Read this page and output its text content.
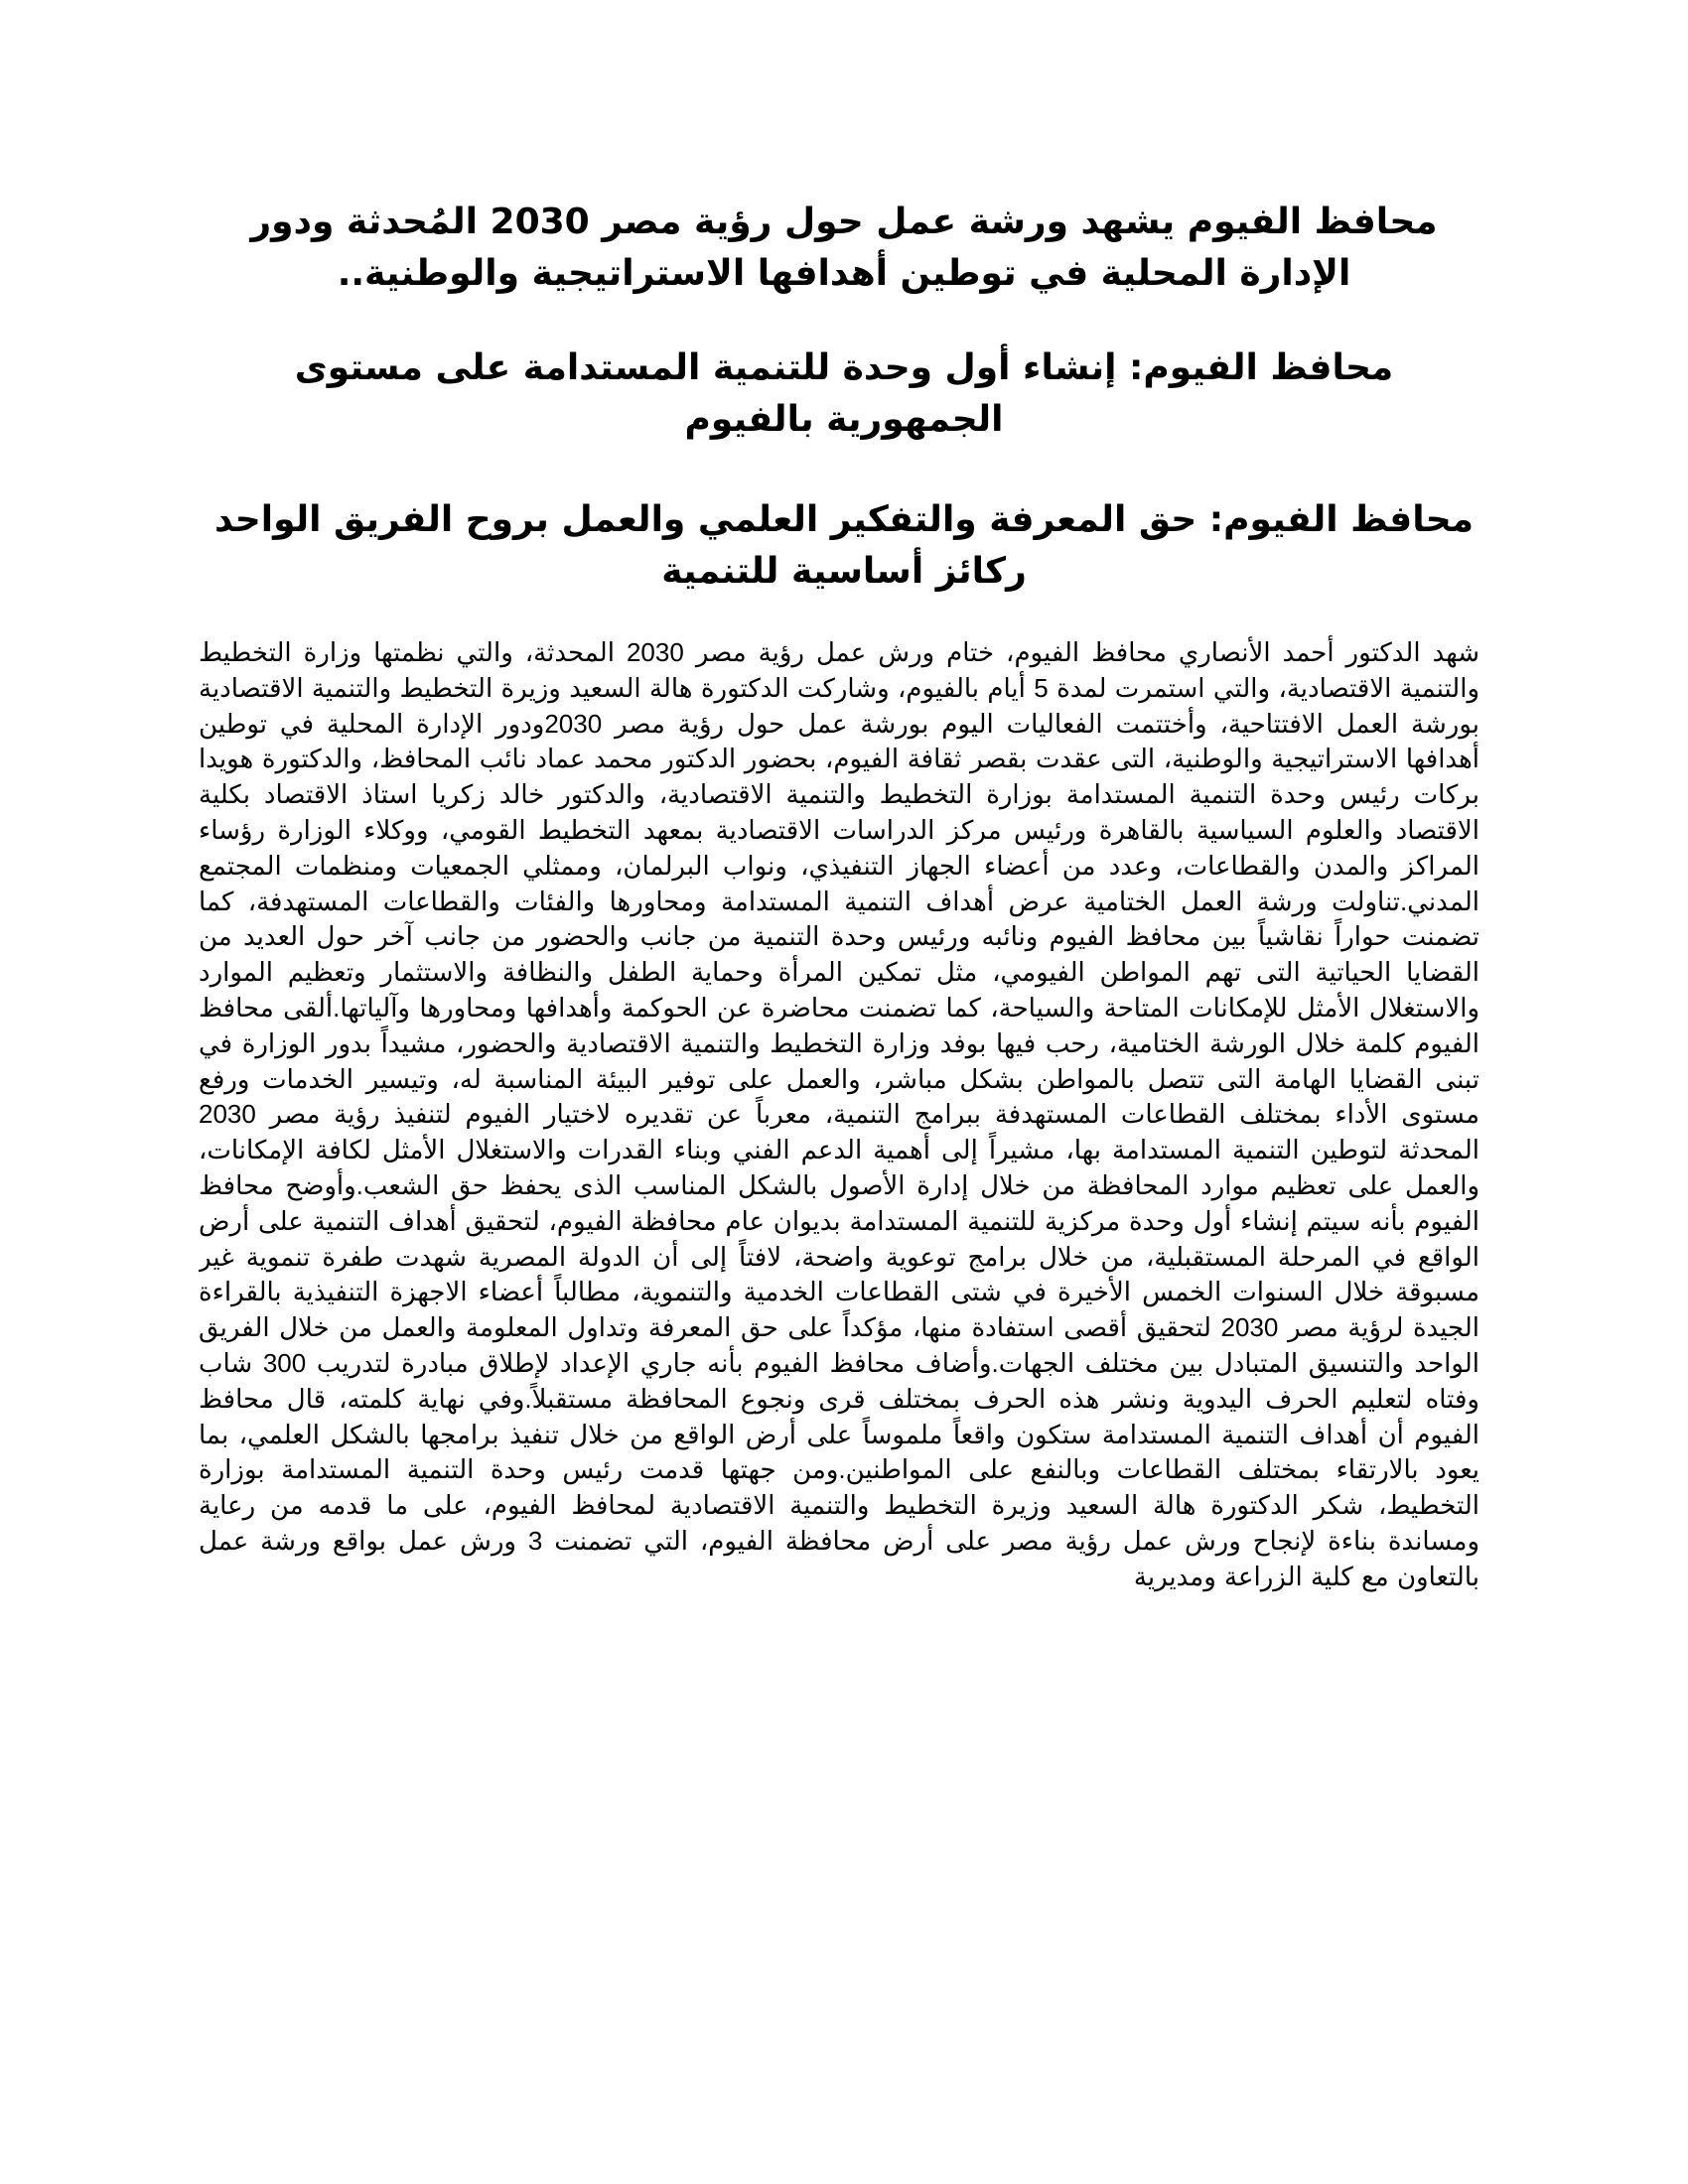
محافظ الفيوم يشهد ورشة عمل حول رؤية مصر 2030 المُحدثة ودور الإدارة المحلية في توطين أهدافها الاستراتيجية والوطنية..
محافظ الفيوم: إنشاء أول وحدة للتنمية المستدامة على مستوى الجمهورية بالفيوم
محافظ الفيوم: حق المعرفة والتفكير العلمي والعمل بروح الفريق الواحد ركائز أساسية للتنمية

شهد الدكتور أحمد الأنصاري محافظ الفيوم، ختام ورش عمل رؤية مصر 2030 المحدثة، والتي نظمتها وزارة التخطيط والتنمية الاقتصادية، والتي استمرت لمدة 5 أيام بالفيوم، وشاركت الدكتورة هالة السعيد وزيرة التخطيط والتنمية الاقتصادية بورشة العمل الافتتاحية، وأختتمت الفعاليات اليوم بورشة عمل حول رؤية مصر 2030ودور الإدارة المحلية في توطين أهدافها الاستراتيجية والوطنية، التى عقدت بقصر ثقافة الفيوم، بحضور الدكتور محمد عماد نائب المحافظ، والدكتورة هويدا بركات رئيس وحدة التنمية المستدامة بوزارة التخطيط والتنمية الاقتصادية، والدكتور خالد زكريا استاذ الاقتصاد بكلية الاقتصاد والعلوم السياسية بالقاهرة ورئيس مركز الدراسات الاقتصادية بمعهد التخطيط القومي، ووكلاء الوزارة رؤساء المراكز والمدن والقطاعات، وعدد من أعضاء الجهاز التنفيذي، ونواب البرلمان، وممثلي الجمعيات ومنظمات المجتمع المدني.تناولت ورشة العمل الختامية عرض أهداف التنمية المستدامة ومحاورها والفئات والقطاعات المستهدفة، كما تضمنت حواراً نقاشياً بين محافظ الفيوم ونائبه ورئيس وحدة التنمية من جانب والحضور من جانب آخر حول العديد من القضايا الحياتية التى تهم المواطن الفيومي، مثل تمكين المرأة وحماية الطفل والنظافة والاستثمار وتعظيم الموارد والاستغلال الأمثل للإمكانات المتاحة والسياحة، كما تضمنت محاضرة عن الحوكمة وأهدافها ومحاورها وآلياتها.ألقى محافظ الفيوم كلمة خلال الورشة الختامية، رحب فيها بوفد وزارة التخطيط والتنمية الاقتصادية والحضور، مشيداً بدور الوزارة في تبنى القضايا الهامة التى تتصل بالمواطن بشكل مباشر، والعمل على توفير البيئة المناسبة له، وتيسير الخدمات ورفع مستوى الأداء بمختلف القطاعات المستهدفة ببرامج التنمية، معرباً عن تقديره لاختيار الفيوم لتنفيذ رؤية مصر 2030 المحدثة لتوطين التنمية المستدامة بها، مشيراً إلى أهمية الدعم الفني وبناء القدرات والاستغلال الأمثل لكافة الإمكانات، والعمل على تعظيم موارد المحافظة من خلال إدارة الأصول بالشكل المناسب الذى يحفظ حق الشعب.وأوضح محافظ الفيوم بأنه سيتم إنشاء أول وحدة مركزية للتنمية المستدامة بديوان عام محافظة الفيوم، لتحقيق أهداف التنمية على أرض الواقع في المرحلة المستقبلية، من خلال برامج توعوية واضحة، لافتاً إلى أن الدولة المصرية شهدت طفرة تنموية غير مسبوقة خلال السنوات الخمس الأخيرة في شتى القطاعات الخدمية والتنموية، مطالباً أعضاء الاجهزة التنفيذية بالقراءة الجيدة لرؤية مصر 2030 لتحقيق أقصى استفادة منها، مؤكداً على حق المعرفة وتداول المعلومة والعمل من خلال الفريق الواحد والتنسيق المتبادل بين مختلف الجهات.وأضاف محافظ الفيوم بأنه جاري الإعداد لإطلاق مبادرة لتدريب 300 شاب وفتاه لتعليم الحرف اليدوية ونشر هذه الحرف بمختلف قرى ونجوع المحافظة مستقبلاً.وفي نهاية كلمته، قال محافظ الفيوم أن أهداف التنمية المستدامة ستكون واقعاً ملموساً على أرض الواقع من خلال تنفيذ برامجها بالشكل العلمي، بما يعود بالارتقاء بمختلف القطاعات وبالنفع على المواطنين.ومن جهتها قدمت رئيس وحدة التنمية المستدامة بوزارة التخطيط، شكر الدكتورة هالة السعيد وزيرة التخطيط والتنمية الاقتصادية لمحافظ الفيوم، على ما قدمه من رعاية ومساندة بناءة لإنجاح ورش عمل رؤية مصر على أرض محافظة الفيوم، التي تضمنت 3 ورش عمل بواقع ورشة عمل بالتعاون مع كلية الزراعة ومديرية
